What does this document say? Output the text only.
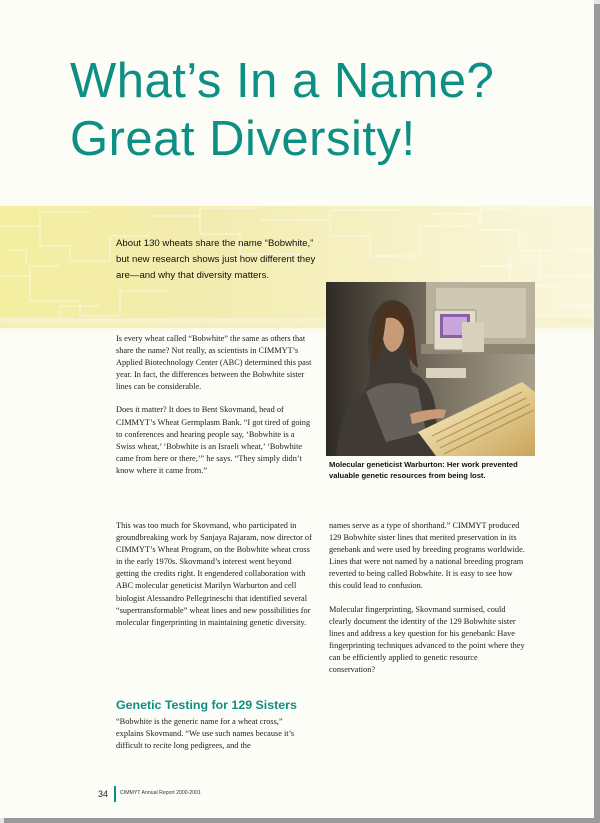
What’s In a Name?
Great Diversity!

About 130 wheats share the name “Bobwhite,” but new research shows just how different they are—and why that diversity matters.

Molecular geneticist Warburton: Her work prevented valuable genetic resources from being lost.

Is every wheat called “Bobwhite” the same as others that share the name? Not really, as scientists in CIMMYT’s Applied Biotechnology Center (ABC) determined this past year. In fact, the differences between the Bobwhite sister lines can be considerable.

Does it matter? It does to Bent Skovmand, head of CIMMYT’s Wheat Germplasm Bank. “I got tired of going to conferences and hearing people say, ‘Bobwhite is a Swiss wheat,’ ‘Bobwhite is an Israeli wheat,’ ‘Bobwhite came from here or there,’” he says. “They simply didn’t know where it came from.”

This was too much for Skovmand, who participated in groundbreaking work by Sanjaya Rajaram, now director of CIMMYT’s Wheat Program, on the Bobwhite wheat cross in the early 1970s. Skovmand’s interest went beyond getting the credits right. It engendered collaboration with ABC molecular geneticist Marilyn Warburton and cell biologist Alessandro Pellegrineschi that identified several “supertransformable” wheat lines and new possibilities for molecular fingerprinting in maintaining genetic diversity.

Genetic Testing for 129 Sisters

“Bobwhite is the generic name for a wheat cross,” explains Skovmand. “We use such names because it’s difficult to recite long pedigrees, and the

names serve as a type of shorthand.” CIMMYT produced 129 Bobwhite sister lines that merited preservation in its genebank and were used by breeding programs worldwide. Lines that were not named by a national breeding program reverted to being called Bobwhite. It is easy to see how this could lead to confusion.

Molecular fingerprinting, Skovmand surmised, could clearly document the identity of the 129 Bobwhite sister lines and address a key question for his genebank: Have fingerprinting techniques advanced to the point where they can be efficiently applied to genetic resource conservation?

34 CIMMYT Annual Report 2000-2001
